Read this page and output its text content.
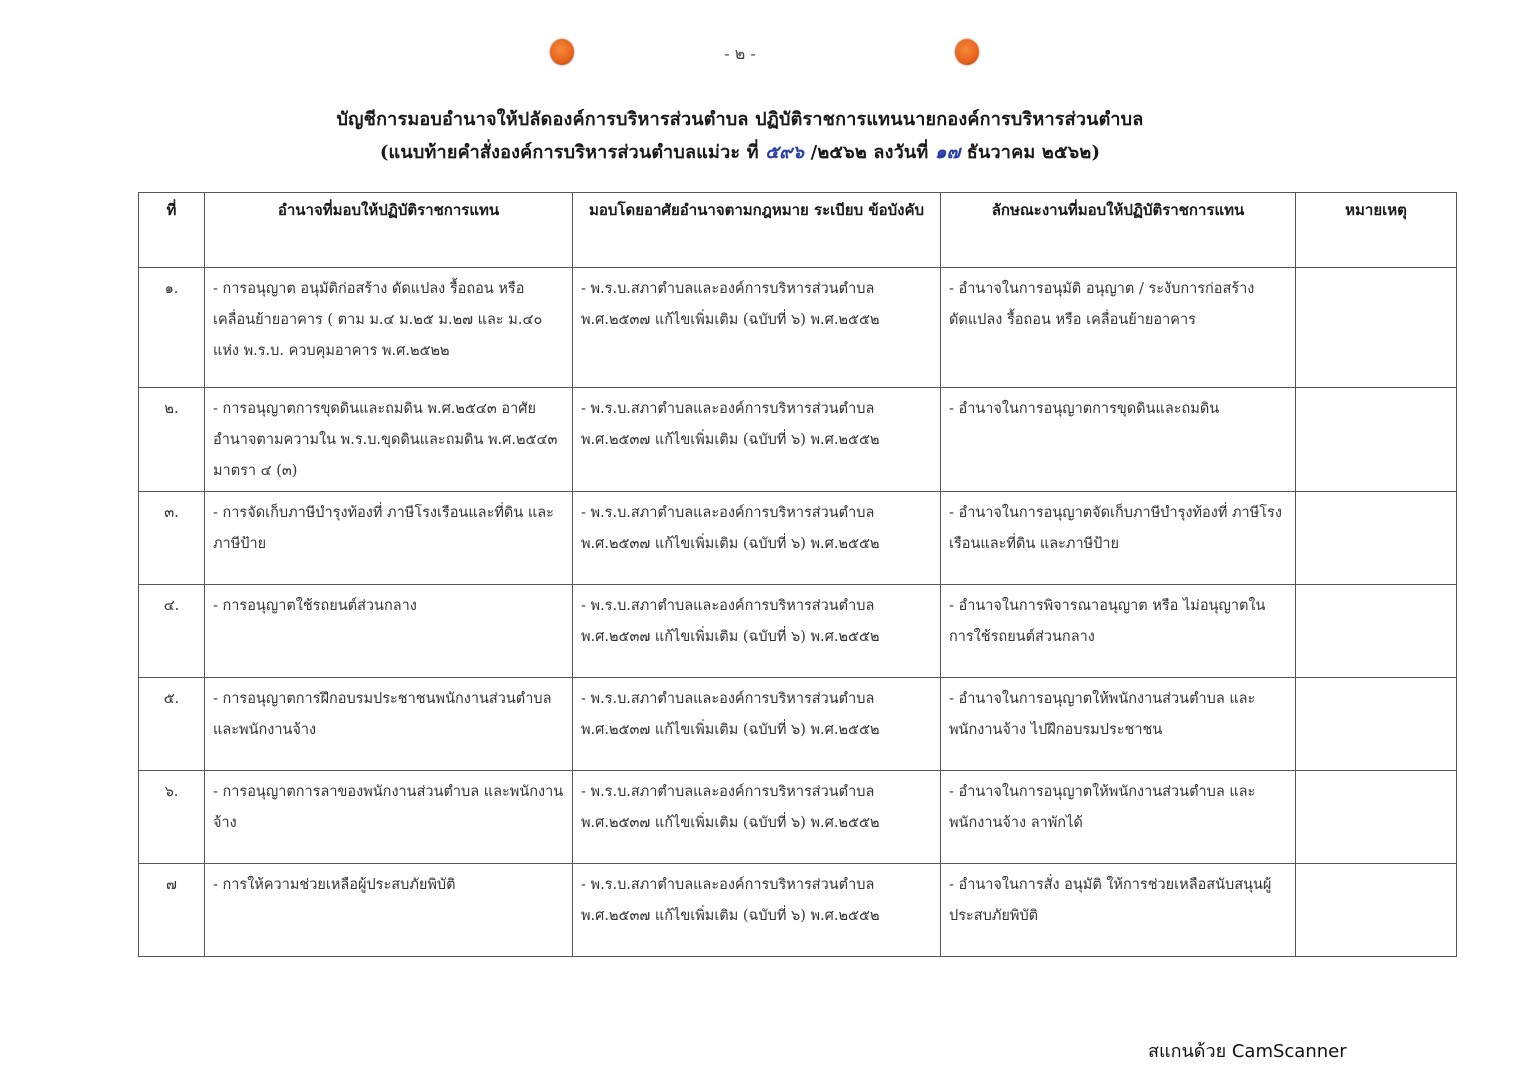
- ๒ -
บัญชีการมอบอำนาจให้ปลัดองค์การบริหารส่วนตำบล ปฏิบัติราชการแทนนายกองค์การบริหารส่วนตำบล
(แนบท้ายคำสั่งองค์การบริหารส่วนตำบลแม่วะ ที่ ๕๙๖ /๒๕๖๒ ลงวันที่ ๑๗ ธันวาคม ๒๕๖๒)
ที่	อำนาจที่มอบให้ปฏิบัติราชการแทน	มอบโดยอาศัยอำนาจตามกฎหมาย ระเบียบ ข้อบังคับ	ลักษณะงานที่มอบให้ปฏิบัติราชการแทน	หมายเหตุ
๑.	- การอนุญาต อนุมัติก่อสร้าง ดัดแปลง รื้อถอน หรือเคลื่อนย้ายอาคาร ( ตาม ม.๔ ม.๒๕ ม.๒๗ และ ม.๔๐ แห่ง พ.ร.บ. ควบคุมอาคาร พ.ศ.๒๕๒๒	- พ.ร.บ.สภาตำบลและองค์การบริหารส่วนตำบล พ.ศ.๒๕๓๗ แก้ไขเพิ่มเติม (ฉบับที่ ๖) พ.ศ.๒๕๕๒	- อำนาจในการอนุมัติ อนุญาต / ระงับการก่อสร้าง ดัดแปลง รื้อถอน หรือ เคลื่อนย้ายอาคาร	
๒.	- การอนุญาตการขุดดินและถมดิน พ.ศ.๒๕๔๓ อาศัยอำนาจตามความใน พ.ร.บ.ขุดดินและถมดิน พ.ศ.๒๕๔๓ มาตรา ๔ (๓)	- พ.ร.บ.สภาตำบลและองค์การบริหารส่วนตำบล พ.ศ.๒๕๓๗ แก้ไขเพิ่มเติม (ฉบับที่ ๖) พ.ศ.๒๕๕๒	- อำนาจในการอนุญาตการขุดดินและถมดิน	
๓.	- การจัดเก็บภาษีบำรุงท้องที่ ภาษีโรงเรือนและที่ดิน และภาษีป้าย	- พ.ร.บ.สภาตำบลและองค์การบริหารส่วนตำบล พ.ศ.๒๕๓๗ แก้ไขเพิ่มเติม (ฉบับที่ ๖) พ.ศ.๒๕๕๒	- อำนาจในการอนุญาตจัดเก็บภาษีบำรุงท้องที่ ภาษีโรงเรือนและที่ดิน และภาษีป้าย	
๔.	- การอนุญาตใช้รถยนต์ส่วนกลาง	- พ.ร.บ.สภาตำบลและองค์การบริหารส่วนตำบล พ.ศ.๒๕๓๗ แก้ไขเพิ่มเติม (ฉบับที่ ๖) พ.ศ.๒๕๕๒	- อำนาจในการพิจารณาอนุญาต หรือ ไม่อนุญาตในการใช้รถยนต์ส่วนกลาง	
๕.	- การอนุญาตการฝึกอบรมประชาชนพนักงานส่วนตำบล และพนักงานจ้าง	- พ.ร.บ.สภาตำบลและองค์การบริหารส่วนตำบล พ.ศ.๒๕๓๗ แก้ไขเพิ่มเติม (ฉบับที่ ๖) พ.ศ.๒๕๕๒	- อำนาจในการอนุญาตให้พนักงานส่วนตำบล และพนักงานจ้าง ไปฝึกอบรมประชาชน	
๖.	- การอนุญาตการลาของพนักงานส่วนตำบล และพนักงานจ้าง	- พ.ร.บ.สภาตำบลและองค์การบริหารส่วนตำบล พ.ศ.๒๕๓๗ แก้ไขเพิ่มเติม (ฉบับที่ ๖) พ.ศ.๒๕๕๒	- อำนาจในการอนุญาตให้พนักงานส่วนตำบล และพนักงานจ้าง ลาพักได้	
๗	- การให้ความช่วยเหลือผู้ประสบภัยพิบัติ	- พ.ร.บ.สภาตำบลและองค์การบริหารส่วนตำบล พ.ศ.๒๕๓๗ แก้ไขเพิ่มเติม (ฉบับที่ ๖) พ.ศ.๒๕๕๒	- อำนาจในการสั่ง อนุมัติ ให้การช่วยเหลือสนับสนุนผู้ประสบภัยพิบัติ	
สแกนด้วย CamScanner
